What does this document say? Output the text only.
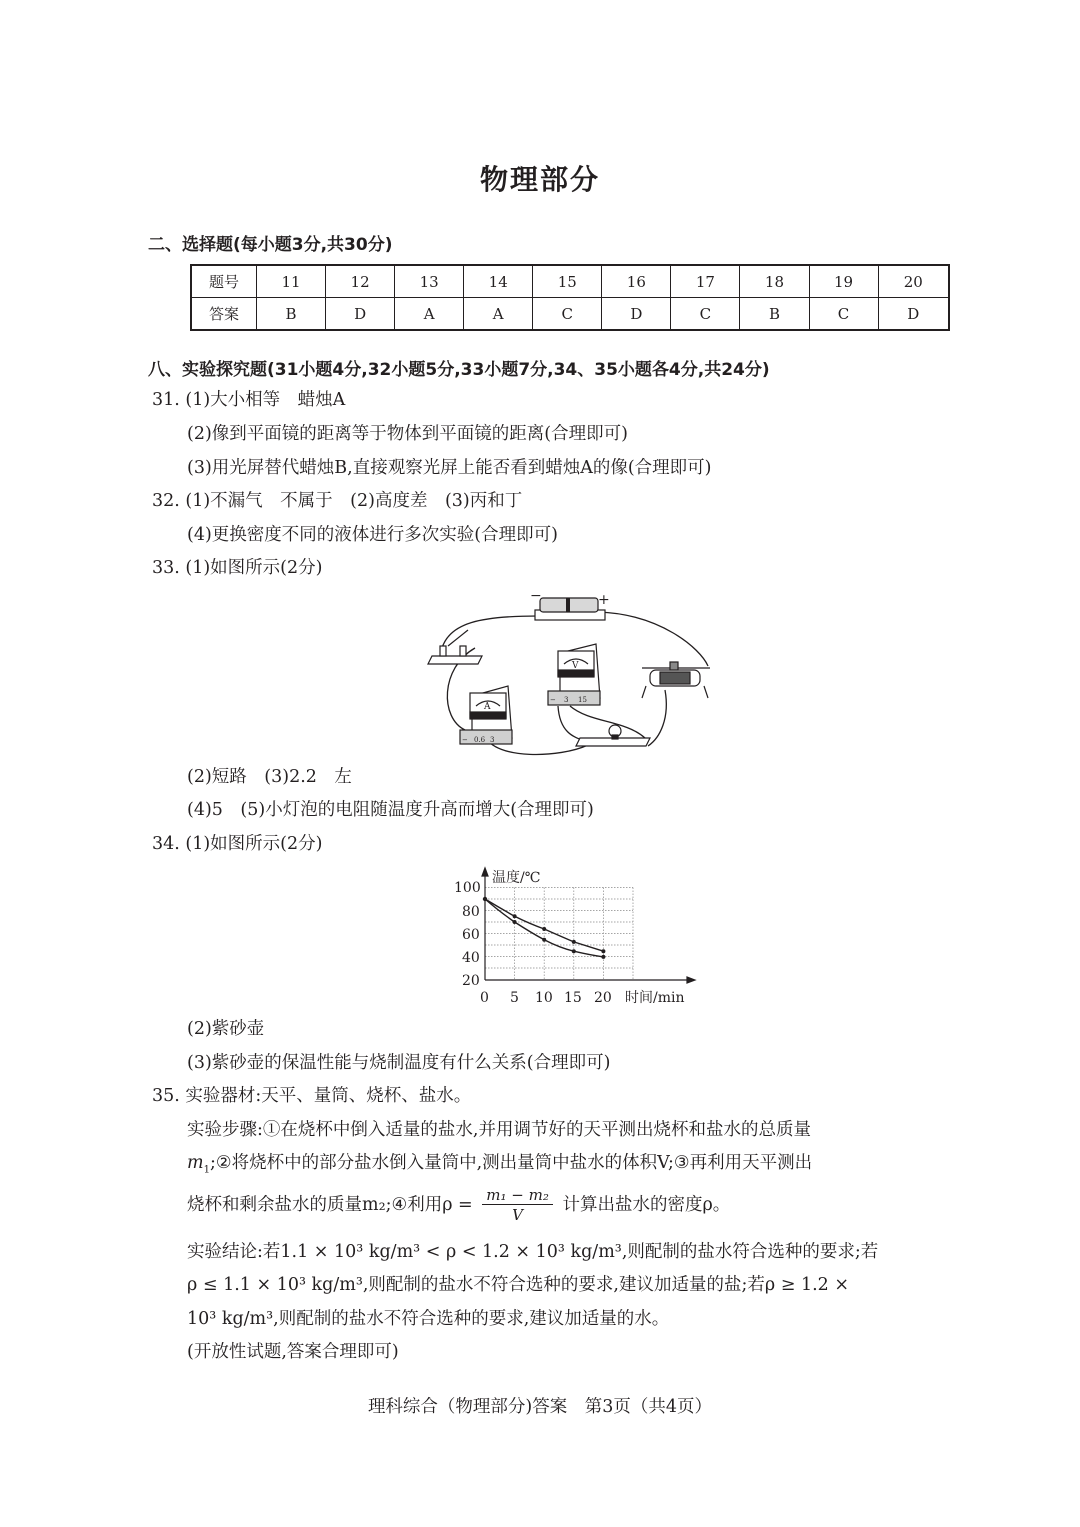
物理部分
二、选择题(每小题3分,共30分)
题号	11	12	13	14	15	16	17	18	19	20
答案	B	D	A	A	C	D	C	B	C	D
八、实验探究题(31小题4分,32小题5分,33小题7分,34、35小题各4分,共24分)
31. (1)大小相等　蜡烛A
(2)像到平面镜的距离等于物体到平面镜的距离(合理即可)
(3)用光屏替代蜡烛B,直接观察光屏上能否看到蜡烛A的像(合理即可)
32. (1)不漏气　不属于　(2)高度差　(3)丙和丁
(4)更换密度不同的液体进行多次实验(合理即可)
33. (1)如图所示(2分)
−	+
A
− 0.6 3
V
− 3 15
(2)短路　(3)2.2　左
(4)5　(5)小灯泡的电阻随温度升高而增大(合理即可)
34. (1)如图所示(2分)
温度/℃
100
80
60
40
20
0 5 10 15 20 时间/min
(2)紫砂壶
(3)紫砂壶的保温性能与烧制温度有什么关系(合理即可)
35. 实验器材:天平、量筒、烧杯、盐水。
实验步骤:①在烧杯中倒入适量的盐水,并用调节好的天平测出烧杯和盐水的总质量
$m_1;②$将烧杯中的部分盐水倒入量筒中,测出量筒中盐水的体积V;③再利用天平测出
烧杯和剩余盐水的质量m₂;④利用$\rho = \frac{\text{m₁ − m₂}}{V}$ 计算出盐水的密度ρ。
实验结论:若1.1 × 10³ kg/m³ < ρ < 1.2 × 10³ kg/m³,则配制的盐水符合选种的要求;若
ρ ≤ 1.1 × 10³ kg/m³,则配制的盐水不符合选种的要求,建议加适量的盐;若ρ ≥ 1.2 ×
10³ kg/m³,则配制的盐水不符合选种的要求,建议加适量的水。
(开放性试题,答案合理即可)
理科综合（物理部分)答案　第3页（共4页）
